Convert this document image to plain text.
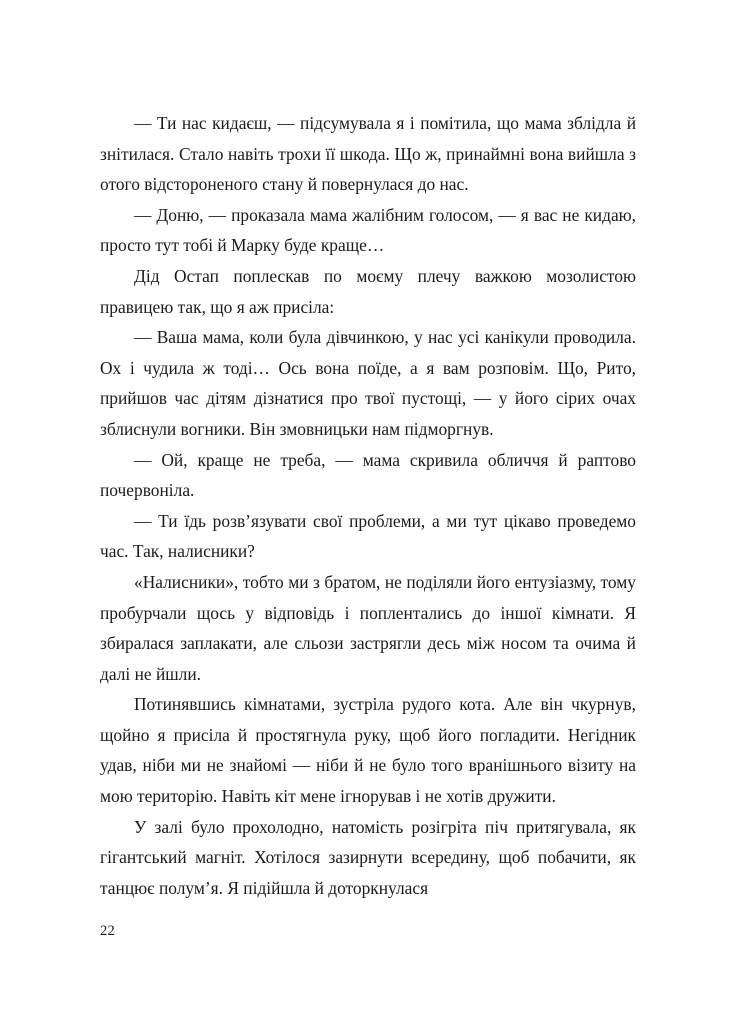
— Ти нас кидаєш, — підсумувала я і помітила, що мама зблідла й знітилася. Стало навіть трохи її шкода. Що ж, принаймні вона вийшла з отого відстороненого стану й повернулася до нас.

— Доню, — проказала мама жалібним голосом, — я вас не кидаю, просто тут тобі й Марку буде краще…

Дід Остап поплескав по моєму плечу важкою мозолистою правицею так, що я аж присіла:

— Ваша мама, коли була дівчинкою, у нас усі канікули проводила. Ох і чудила ж тоді… Ось вона поїде, а я вам розповім. Що, Рито, прийшов час дітям дізнатися про твої пустощі, — у його сірих очах зблиснули вогники. Він змовницьки нам підморгнув.

— Ой, краще не треба, — мама скривила обличчя й раптово почервоніла.

— Ти їдь розв’язувати свої проблеми, а ми тут цікаво проведемо час. Так, налисники?

«Налисники», тобто ми з братом, не поділяли його ентузіазму, тому пробурчали щось у відповідь і поплентались до іншої кімнати. Я збиралася заплакати, але сльози застрягли десь між носом та очима й далі не йшли.

Потинявшись кімнатами, зустріла рудого кота. Але він чкурнув, щойно я присіла й простягнула руку, щоб його погладити. Негідник удав, ніби ми не знайомі — ніби й не було того вранішнього візиту на мою територію. Навіть кіт мене ігнорував і не хотів дружити.

У залі було прохолодно, натомість розігріта піч притягувала, як гігантський магніт. Хотілося зазирнути всередину, щоб побачити, як танцює полум’я. Я підійшла й доторкнулася

22
